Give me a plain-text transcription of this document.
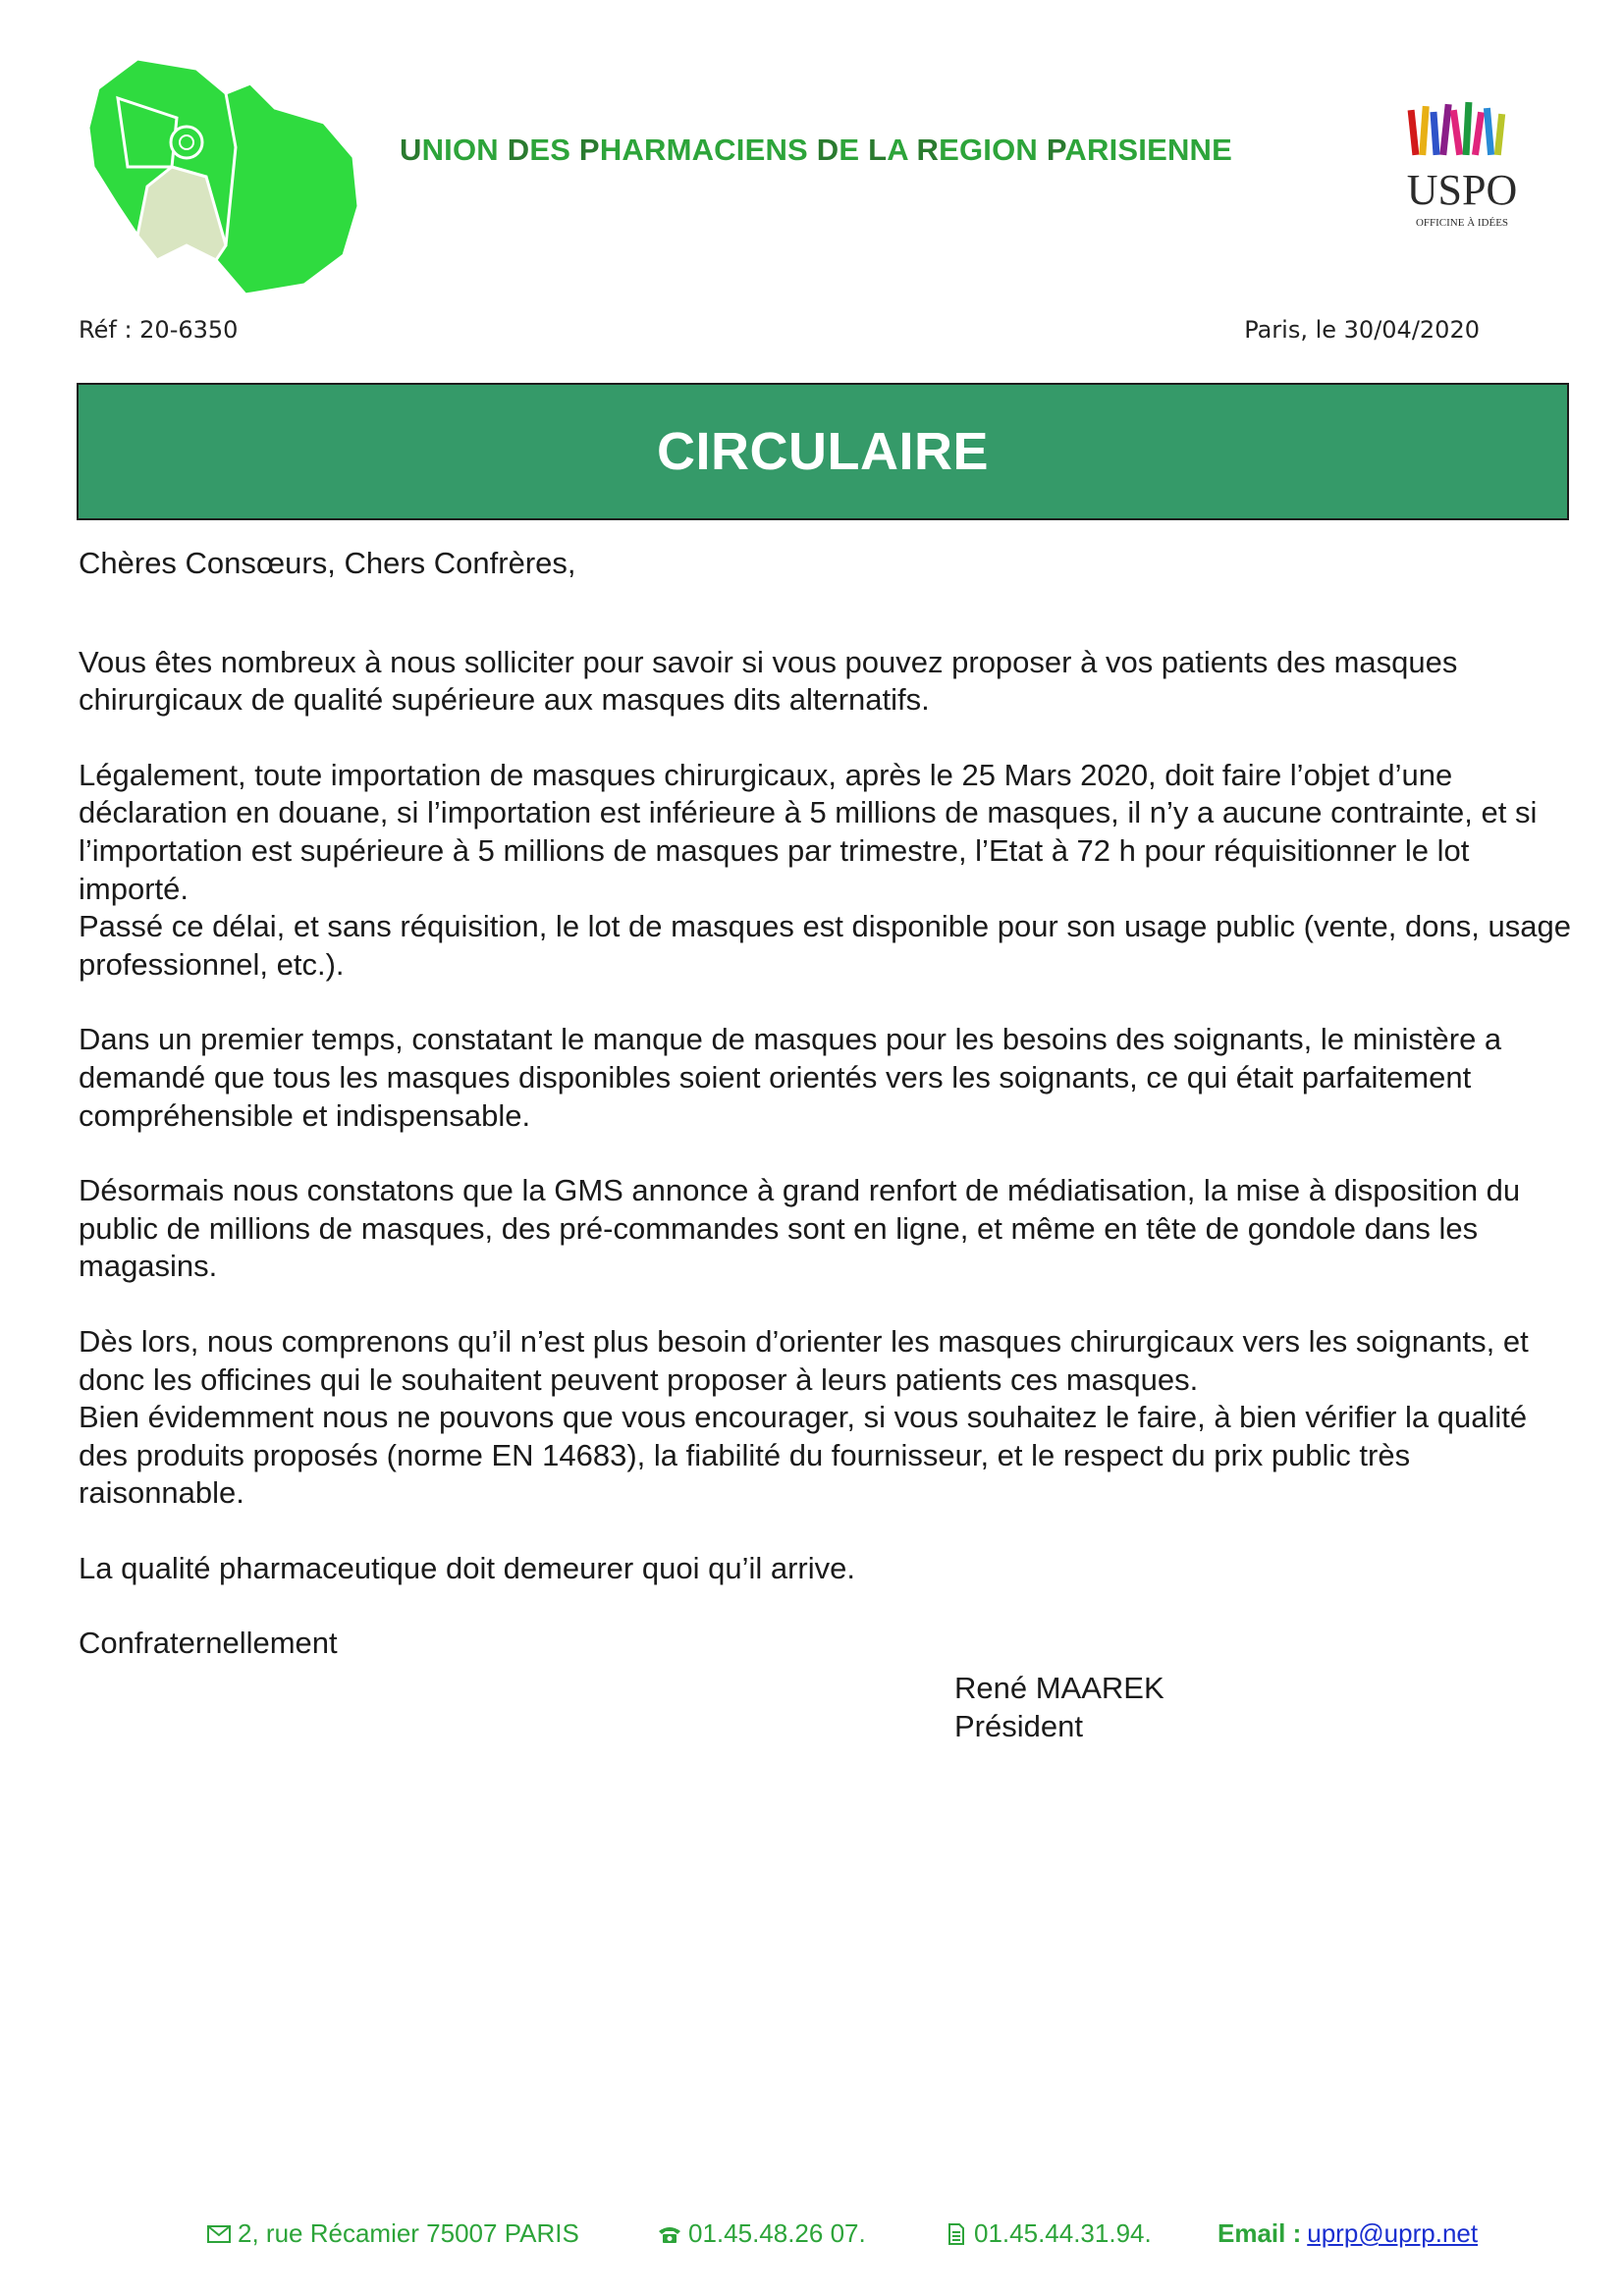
UNION DES PHARMACIENS DE LA REGION PARISIENNE
USPO
OFFICINE À IDÉES
Réf : 20-6350	Paris, le 30/04/2020
CIRCULAIRE

Chères Consœurs, Chers Confrères,

Vous êtes nombreux à nous solliciter pour savoir si vous pouvez proposer à vos patients des masques chirurgicaux de qualité supérieure aux masques dits alternatifs.

Légalement, toute importation de masques chirurgicaux, après le 25 Mars 2020, doit faire l’objet d’une déclaration en douane, si l’importation est inférieure à 5 millions de masques, il n’y a aucune contrainte, et si l’importation est supérieure à 5 millions de masques par trimestre, l’Etat à 72 h pour réquisitionner le lot importé.

Passé ce délai, et sans réquisition, le lot de masques est disponible pour son usage public (vente, dons, usage professionnel, etc.).

Dans un premier temps, constatant le manque de masques pour les besoins des soignants, le ministère a demandé que tous les masques disponibles soient orientés vers les soignants, ce qui était parfaitement compréhensible et indispensable.

Désormais nous constatons que la GMS annonce à grand renfort de médiatisation, la mise à disposition du public de millions de masques, des pré-commandes sont en ligne, et même en tête de gondole dans les magasins.

Dès lors, nous comprenons qu’il n’est plus besoin d’orienter les masques chirurgicaux vers les soignants, et donc les officines qui le souhaitent peuvent proposer à leurs patients ces masques.

Bien évidemment nous ne pouvons que vous encourager, si vous souhaitez le faire, à bien vérifier la qualité des produits proposés (norme EN 14683), la fiabilité du fournisseur, et le respect du prix public très raisonnable.

La qualité pharmaceutique doit demeurer quoi qu’il arrive.

Confraternellement

René MAAREK
Président
2, rue Récamier 75007 PARIS	01.45.48.26 07.	01.45.44.31.94.	Email : uprp@uprp.net
